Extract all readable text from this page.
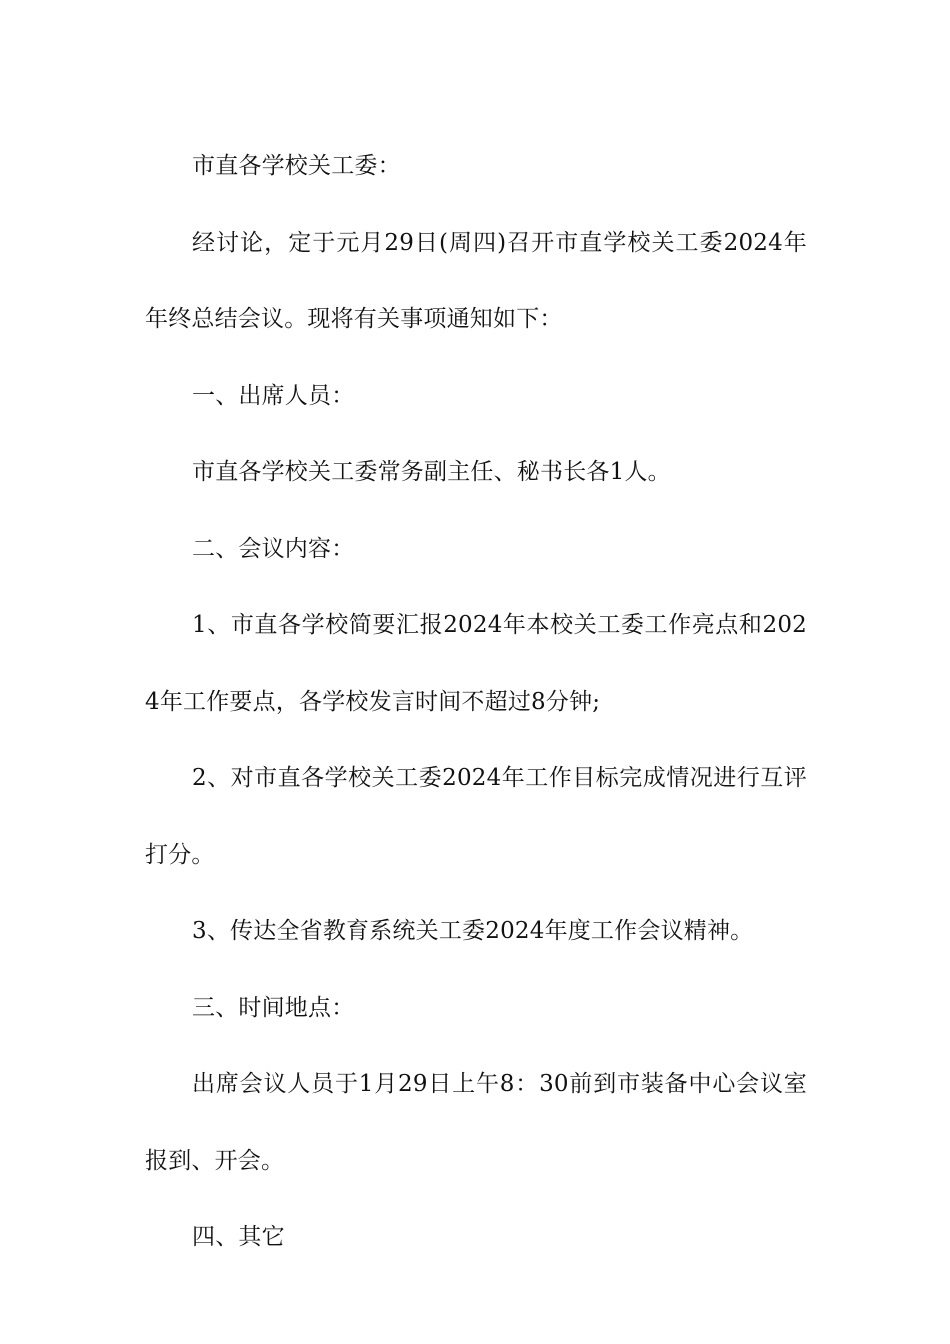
市直各学校关工委：

经讨论，定于元月29日(周四)召开市直学校关工委2024年年终总结会议。现将有关事项通知如下：

一、出席人员：

市直各学校关工委常务副主任、秘书长各1人。

二、会议内容：

1、市直各学校简要汇报2024年本校关工委工作亮点和2024年工作要点，各学校发言时间不超过8分钟;

2、对市直各学校关工委2024年工作目标完成情况进行互评打分。

3、传达全省教育系统关工委2024年度工作会议精神。

三、时间地点：

出席会议人员于1月29日上午8：30前到市装备中心会议室报到、开会。

四、其它
